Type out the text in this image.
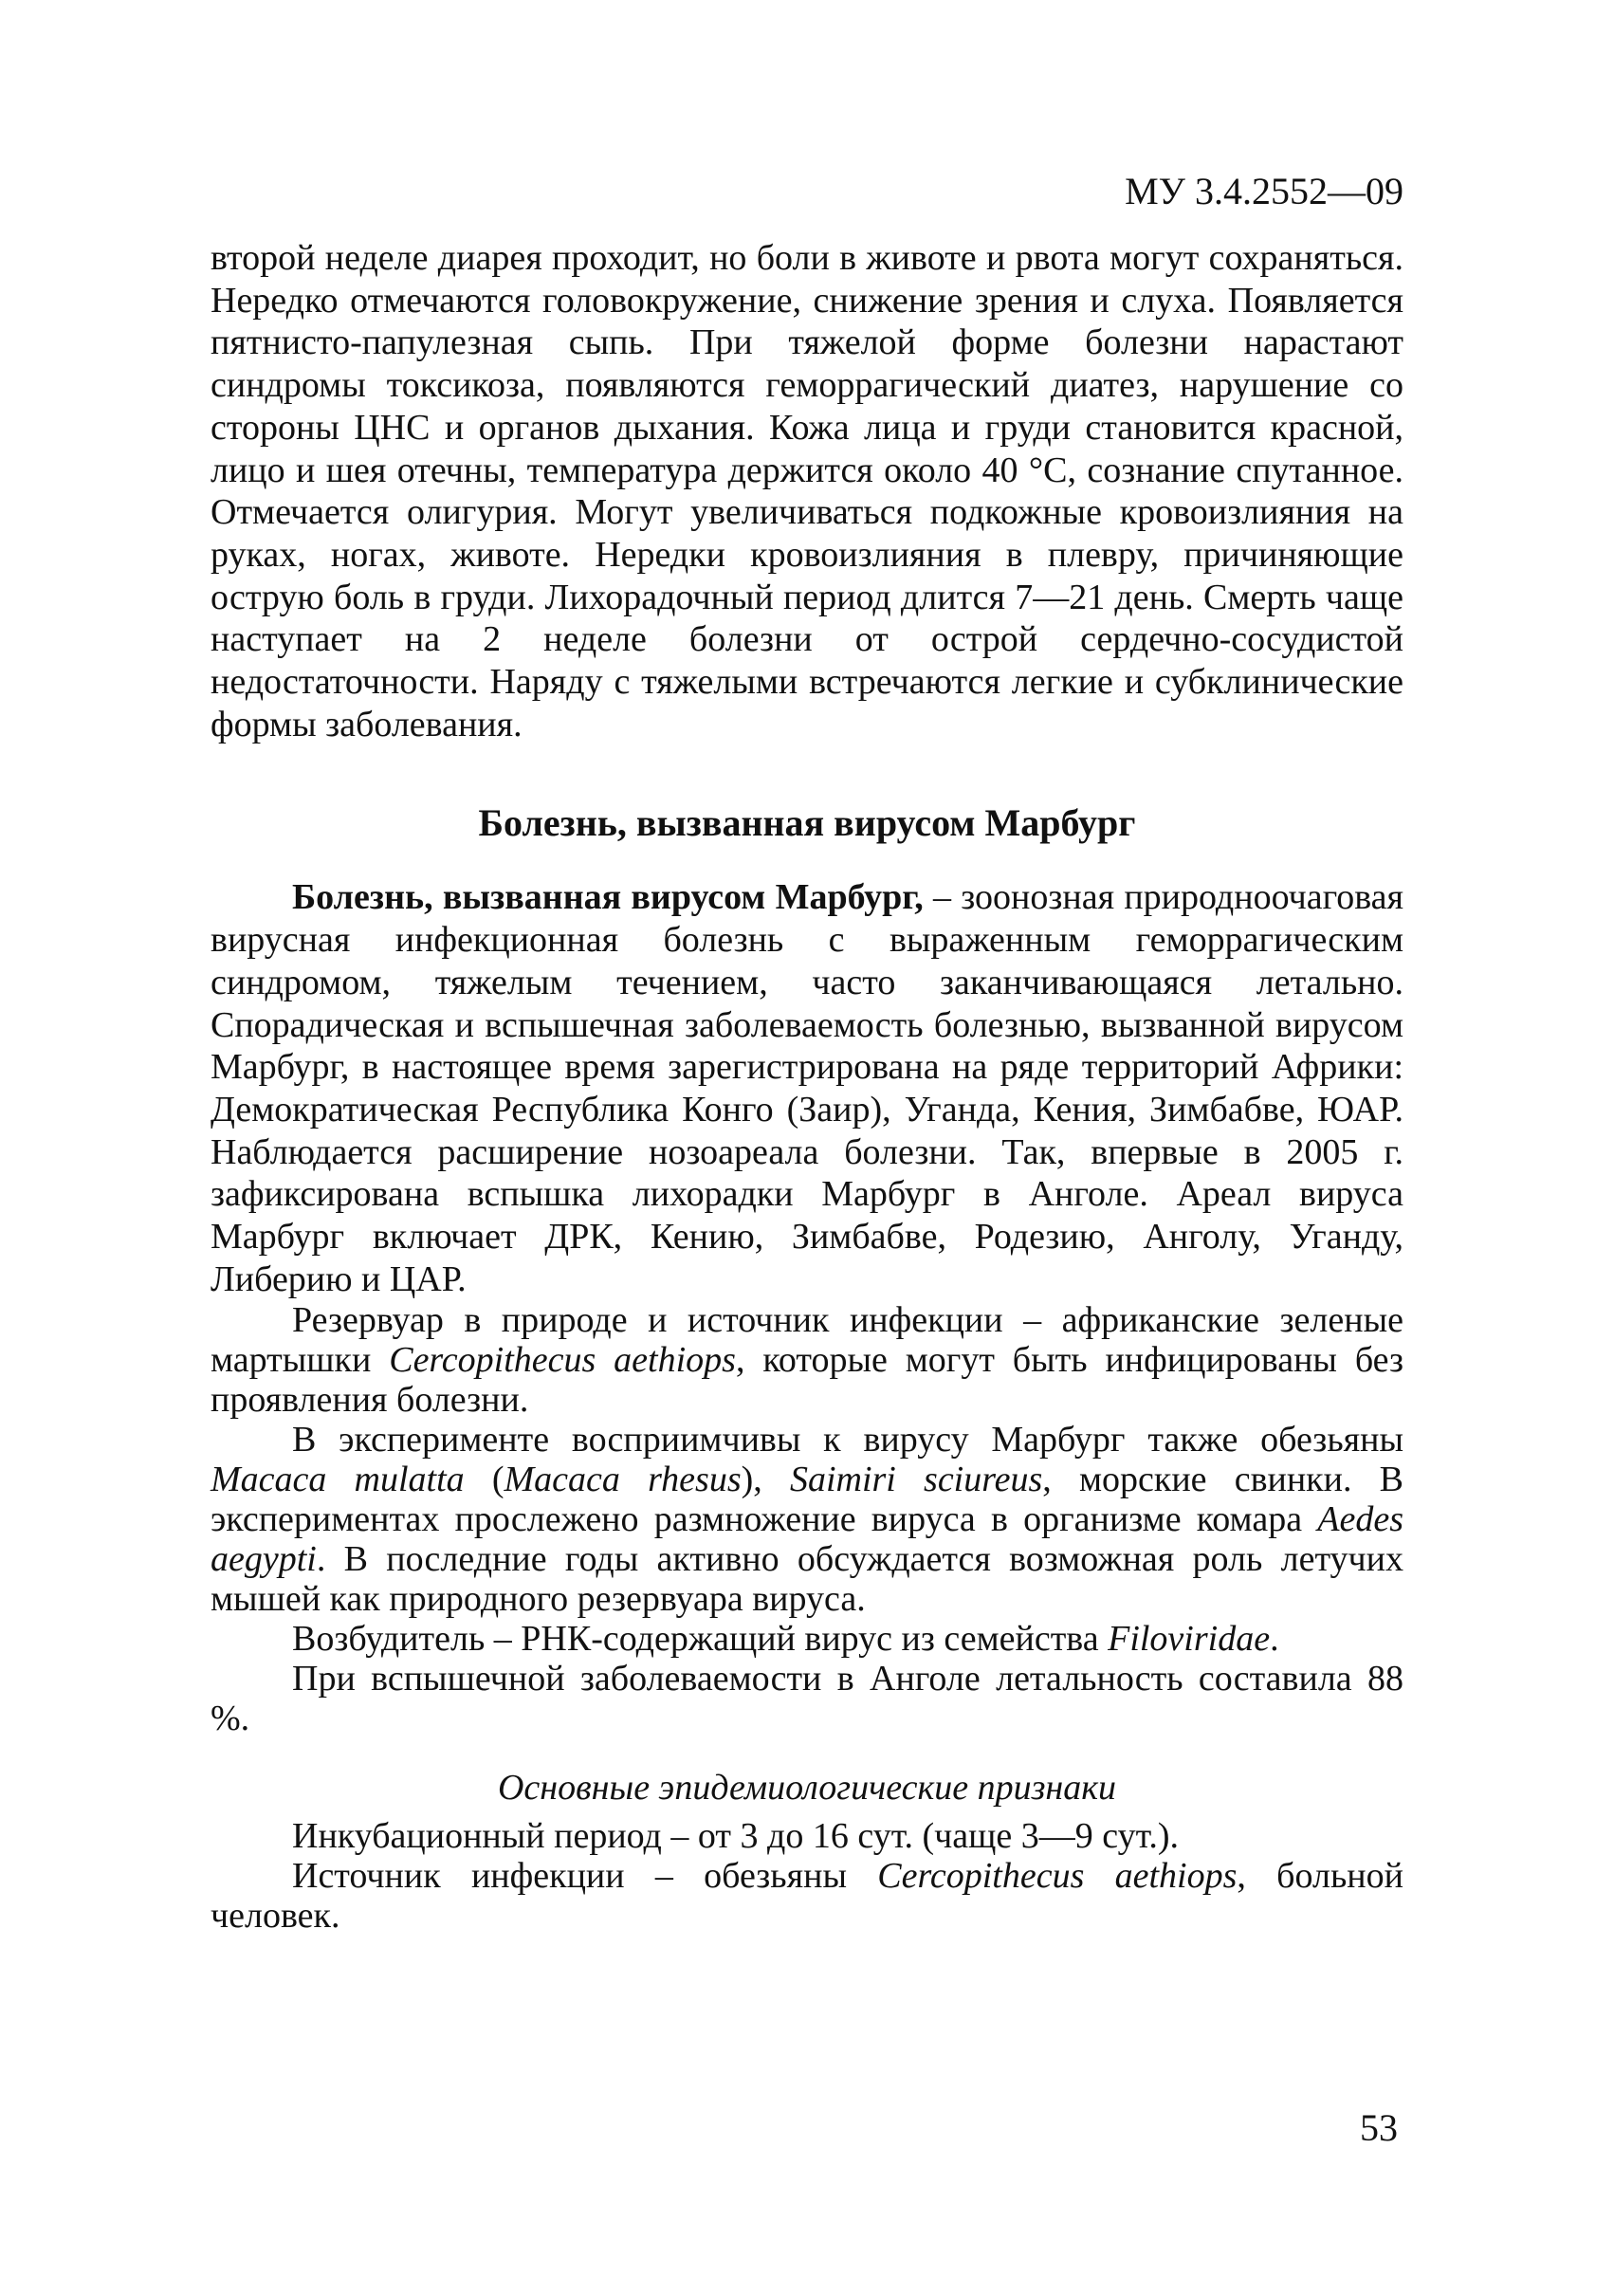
МУ 3.4.2552—09

второй неделе диарея проходит, но боли в животе и рвота могут сохраняться. Нередко отмечаются головокружение, снижение зрения и слуха. Появляется пятнисто-папулезная сыпь. При тяжелой форме болезни нарастают синдромы токсикоза, появляются геморрагический диатез, нарушение со стороны ЦНС и органов дыхания. Кожа лица и груди становится красной, лицо и шея отечны, температура держится около 40 °С, сознание спутанное. Отмечается олигурия. Могут увеличиваться подкожные кровоизлияния на руках, ногах, животе. Нередки кровоизлияния в плевру, причиняющие острую боль в груди. Лихорадочный период длится 7—21 день. Смерть чаще наступает на 2 неделе болезни от острой сердечно-сосудистой недостаточности. Наряду с тяжелыми встречаются легкие и субклинические формы заболевания.

Болезнь, вызванная вирусом Марбург

Болезнь, вызванная вирусом Марбург, – зоонозная природноочаговая вирусная инфекционная болезнь с выраженным геморрагическим синдромом, тяжелым течением, часто заканчивающаяся летально. Спорадическая и вспышечная заболеваемость болезнью, вызванной вирусом Марбург, в настоящее время зарегистрирована на ряде территорий Африки: Демократическая Республика Конго (Заир), Уганда, Кения, Зимбабве, ЮАР. Наблюдается расширение нозоареала болезни. Так, впервые в 2005 г. зафиксирована вспышка лихорадки Марбург в Анголе. Ареал вируса Марбург включает ДРК, Кению, Зимбабве, Родезию, Анголу, Уганду, Либерию и ЦАР.

Резервуар в природе и источник инфекции – африканские зеленые мартышки Cercopithecus aethiops, которые могут быть инфицированы без проявления болезни.

В эксперименте восприимчивы к вирусу Марбург также обезьяны Macaca mulatta (Macaca rhesus), Saimiri sciureus, морские свинки. В экспериментах прослежено размножение вируса в организме комара Aedes aegypti. В последние годы активно обсуждается возможная роль летучих мышей как природного резервуара вируса.

Возбудитель – РНК-содержащий вирус из семейства Filoviridae.

При вспышечной заболеваемости в Анголе летальность составила 88 %.

Основные эпидемиологические признаки

Инкубационный период – от 3 до 16 сут. (чаще 3—9 сут.).

Источник инфекции – обезьяны Cercopithecus aethiops, больной человек.

53
